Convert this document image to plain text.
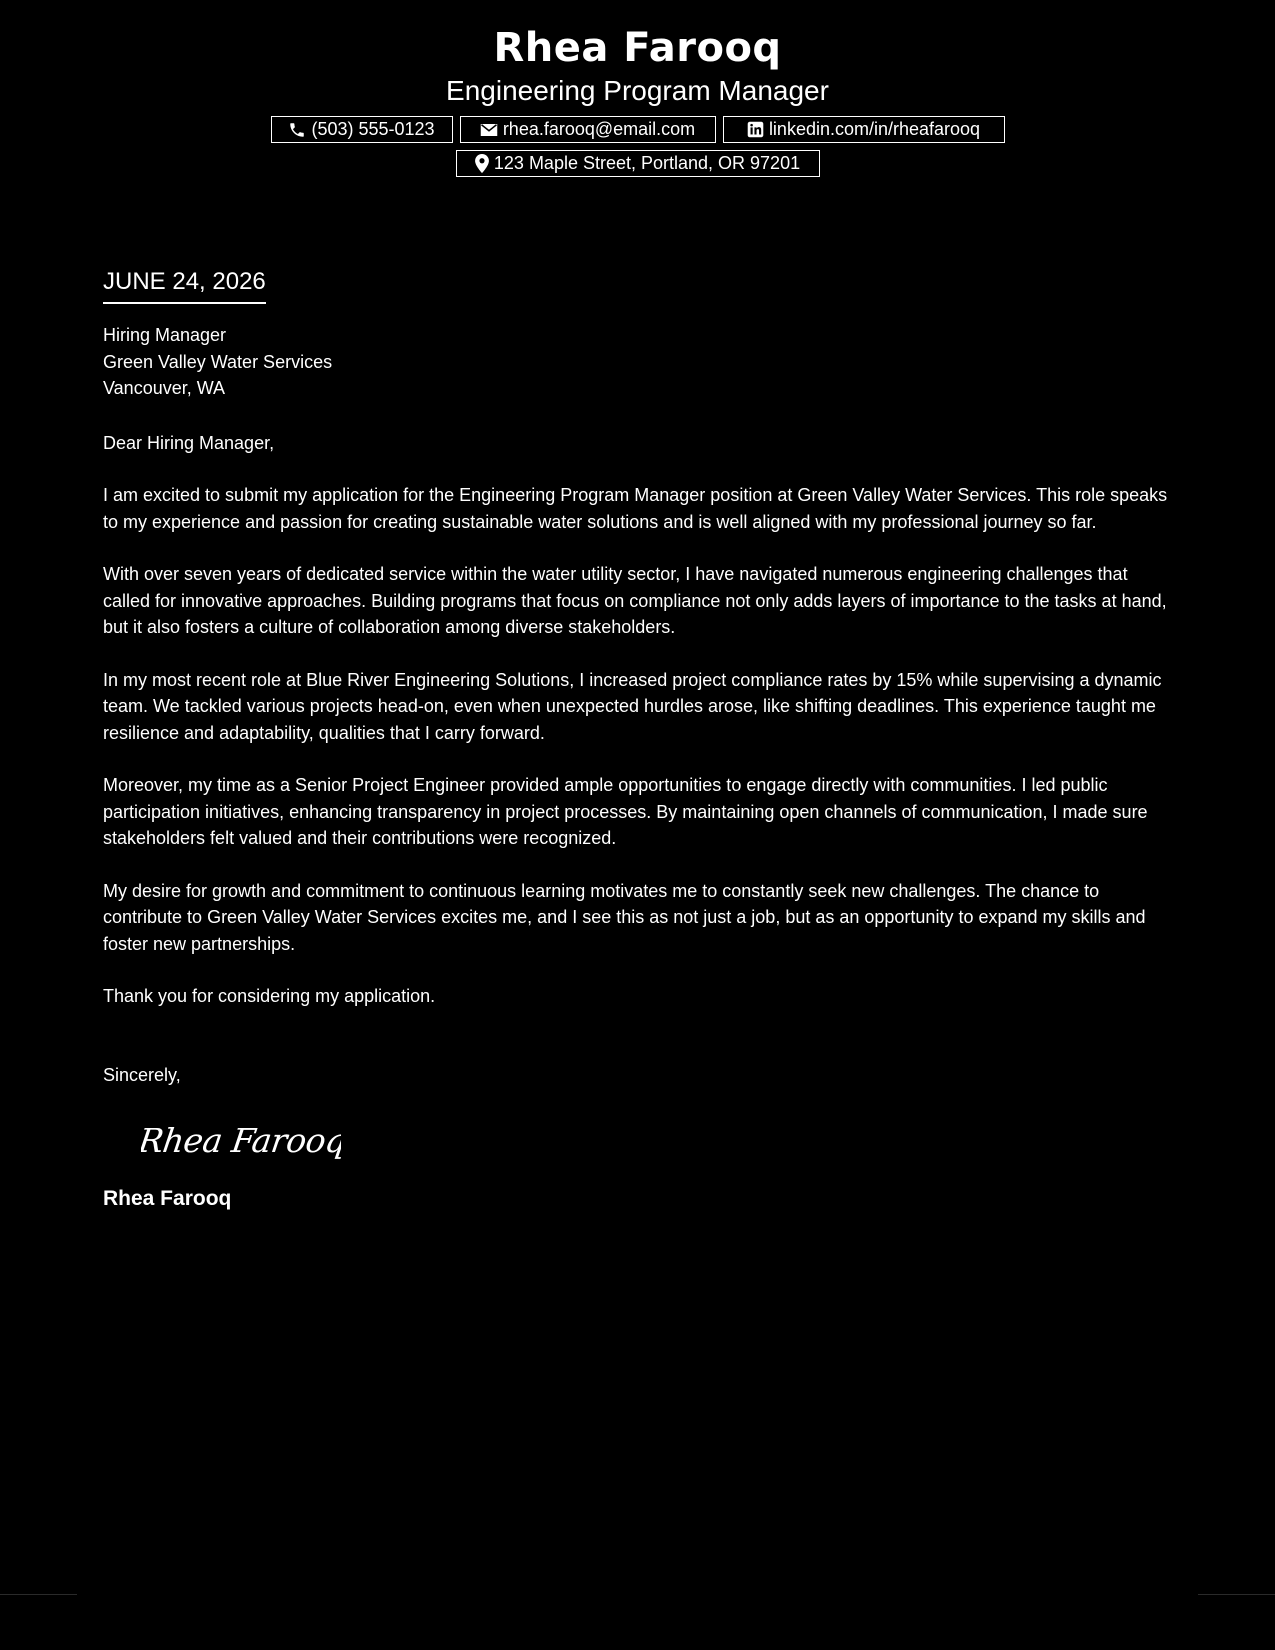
Rhea Farooq
Engineering Program Manager
(503) 555-0123	rhea.farooq@email.com	linkedin.com/in/rheafarooq
123 Maple Street, Portland, OR 97201
JUNE 24, 2026
Hiring Manager
Green Valley Water Services
Vancouver, WA
Dear Hiring Manager,
I am excited to submit my application for the Engineering Program Manager position at Green Valley Water Services. This role speaks to my experience and passion for creating sustainable water solutions and is well aligned with my professional journey so far.
With over seven years of dedicated service within the water utility sector, I have navigated numerous engineering challenges that called for innovative approaches. Building programs that focus on compliance not only adds layers of importance to the tasks at hand, but it also fosters a culture of collaboration among diverse stakeholders.
In my most recent role at Blue River Engineering Solutions, I increased project compliance rates by 15% while supervising a dynamic team. We tackled various projects head-on, even when unexpected hurdles arose, like shifting deadlines. This experience taught me resilience and adaptability, qualities that I carry forward.
Moreover, my time as a Senior Project Engineer provided ample opportunities to engage directly with communities. I led public participation initiatives, enhancing transparency in project processes. By maintaining open channels of communication, I made sure stakeholders felt valued and their contributions were recognized.
My desire for growth and commitment to continuous learning motivates me to constantly seek new challenges. The chance to contribute to Green Valley Water Services excites me, and I see this as not just a job, but as an opportunity to expand my skills and foster new partnerships.
Thank you for considering my application.
Sincerely,
Rhea Farooq
Rhea Farooq
